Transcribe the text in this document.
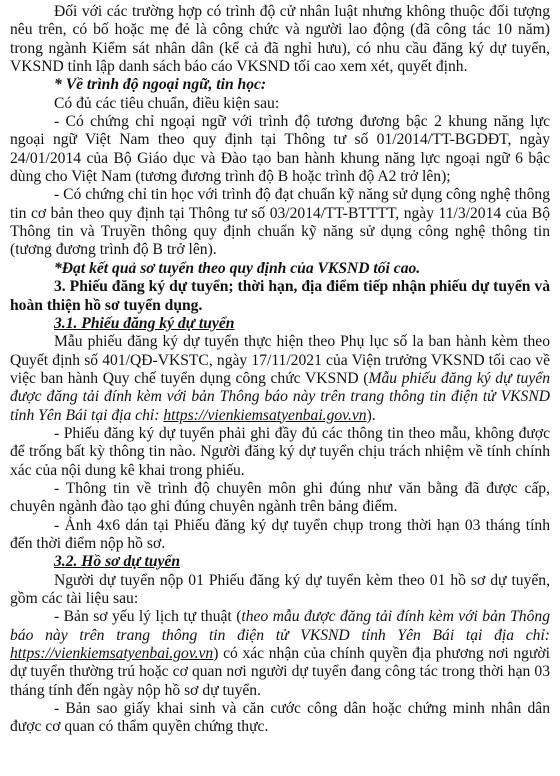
Đối với các trường hợp có trình độ cử nhân luật nhưng không thuộc đối tượng nêu trên, có bố hoặc mẹ đẻ là công chức và người lao động (đã công tác 10 năm) trong ngành Kiểm sát nhân dân (kể cả đã nghỉ hưu), có nhu cầu đăng ký dự tuyển, VKSND tỉnh lập danh sách báo cáo VKSND tối cao xem xét, quyết định.

* Về trình độ ngoại ngữ, tin học:

Có đủ các tiêu chuẩn, điều kiện sau:

- Có chứng chỉ ngoại ngữ với trình độ tương đương bậc 2 khung năng lực ngoại ngữ Việt Nam theo quy định tại Thông tư số 01/2014/TT-BGDĐT, ngày 24/01/2014 của Bộ Giáo dục và Đào tạo ban hành khung năng lực ngoại ngữ 6 bậc dùng cho Việt Nam (tương đương trình độ B hoặc trình độ A2 trở lên);

- Có chứng chỉ tin học với trình độ đạt chuẩn kỹ năng sử dụng công nghệ thông tin cơ bản theo quy định tại Thông tư số 03/2014/TT-BTTTT, ngày 11/3/2014 của Bộ Thông tin và Truyền thông quy định chuẩn kỹ năng sử dụng công nghệ thông tin (tương đương trình độ B trở lên).

*Đạt kết quả sơ tuyển theo quy định của VKSND tối cao.

3. Phiếu đăng ký dự tuyển; thời hạn, địa điểm tiếp nhận phiếu dự tuyển và hoàn thiện hồ sơ tuyển dụng.

3.1. Phiếu đăng ký dự tuyển

Mẫu phiếu đăng ký dự tuyển thực hiện theo Phụ lục số la ban hành kèm theo Quyết định số 401/QĐ-VKSTC, ngày 17/11/2021 của Viện trưởng VKSND tối cao về việc ban hành Quy chế tuyển dụng công chức VKSND (Mẫu phiếu đăng ký dự tuyển được đăng tải đính kèm với bản Thông báo này trên trang thông tin điện tử VKSND tỉnh Yên Bái tại địa chỉ: https://vienkiemsatyenbai.gov.vn).

- Phiếu đăng ký dự tuyển phải ghi đầy đủ các thông tin theo mẫu, không được để trống bất kỳ thông tin nào. Người đăng ký dự tuyển chịu trách nhiệm về tính chính xác của nội dung kê khai trong phiếu.

- Thông tin về trình độ chuyên môn ghi đúng như văn bằng đã được cấp, chuyên ngành đào tạo ghi đúng chuyên ngành trên bảng điểm.

- Ảnh 4x6 dán tại Phiếu đăng ký dự tuyển chụp trong thời hạn 03 tháng tính đến thời điểm nộp hồ sơ.

3.2. Hồ sơ dự tuyển

Người dự tuyển nộp 01 Phiếu đăng ký dự tuyển kèm theo 01 hồ sơ dự tuyển, gồm các tài liệu sau:

- Bản sơ yếu lý lịch tự thuật (theo mẫu được đăng tải đính kèm với bản Thông báo này trên trang thông tin điện tử VKSND tỉnh Yên Bái tại địa chỉ: https://vienkiemsatyenbai.gov.vn) có xác nhận của chính quyền địa phương nơi người dự tuyển thường trú hoặc cơ quan nơi người dự tuyển đang công tác trong thời hạn 03 tháng tính đến ngày nộp hồ sơ dự tuyển.

- Bản sao giấy khai sinh và căn cước công dân hoặc chứng minh nhân dân được cơ quan có thẩm quyền chứng thực.
